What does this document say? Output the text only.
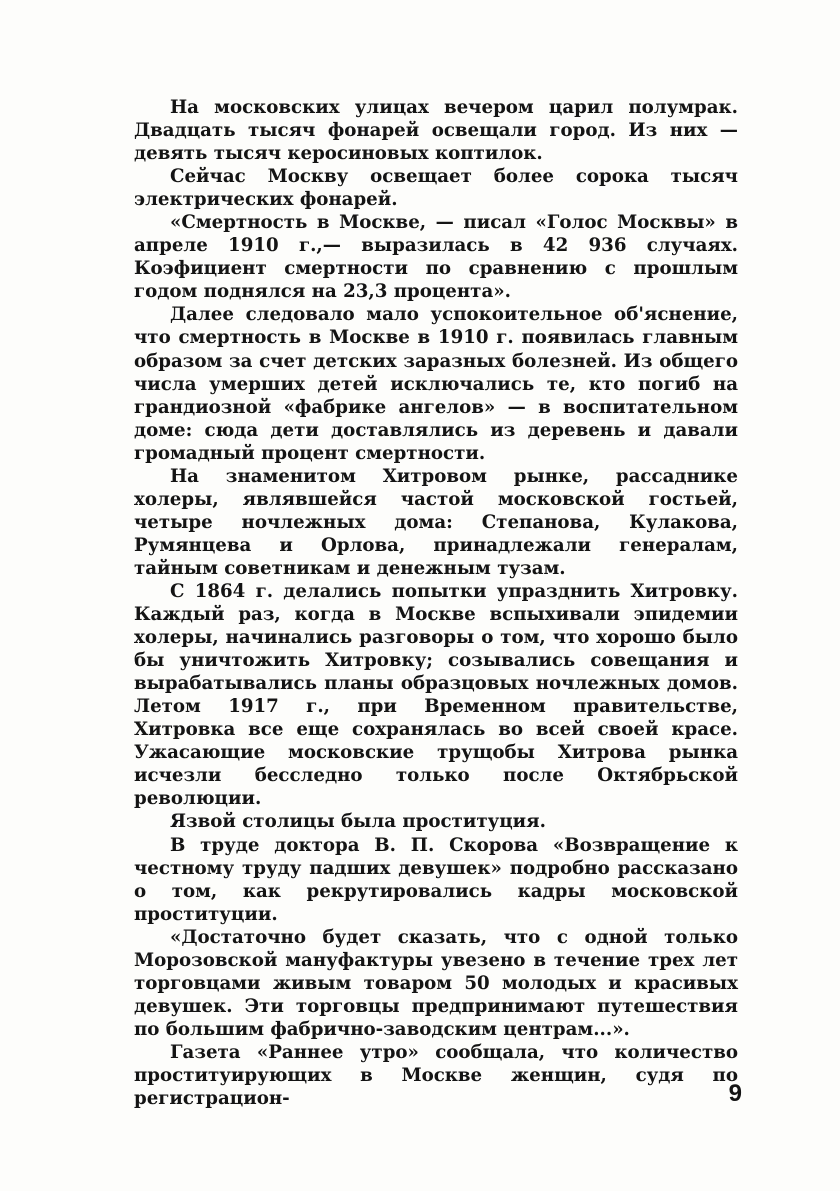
На московских улицах вечером царил полумрак. Двадцать тысяч фонарей освещали город. Из них — девять тысяч керосиновых коптилок.

Сейчас Москву освещает более сорока тысяч электрических фонарей.

«Смертность в Москве, — писал «Голос Москвы» в апреле 1910 г.,— выразилась в 42 936 случаях. Коэфициент смертности по сравнению с прошлым годом поднялся на 23,3 процента».

Далее следовало мало успокоительное об'яснение, что смертность в Москве в 1910 г. появилась главным образом за счет детских заразных болезней. Из общего числа умерших детей исключались те, кто погиб на грандиозной «фабрике ангелов» — в воспитательном доме: сюда дети доставлялись из деревень и давали громадный процент смертности.

На знаменитом Хитровом рынке, рассаднике холеры, являвшейся частой московской гостьей, четыре ночлежных дома: Степанова, Кулакова, Румянцева и Орлова, принадлежали генералам, тайным советникам и денежным тузам.

С 1864 г. делались попытки упразднить Хитровку. Каждый раз, когда в Москве вспыхивали эпидемии холеры, начинались разговоры о том, что хорошо было бы уничтожить Хитровку; созывались совещания и вырабатывались планы образцовых ночлежных домов. Летом 1917 г., при Временном правительстве, Хитровка все еще сохранялась во всей своей красе. Ужасающие московские трущобы Хитрова рынка исчезли бесследно только после Октябрьской революции.

Язвой столицы была проституция.

В труде доктора В. П. Скорова «Возвращение к честному труду падших девушек» подробно рассказано о том, как рекрутировались кадры московской проституции.

«Достаточно будет сказать, что с одной только Морозовской мануфактуры увезено в течение трех лет торговцами живым товаром 50 молодых и красивых девушек. Эти торговцы предпринимают путешествия по большим фабрично-заводским центрам...».

Газета «Раннее утро» сообщала, что количество проституирующих в Москве женщин, судя по регистрацион-	9
